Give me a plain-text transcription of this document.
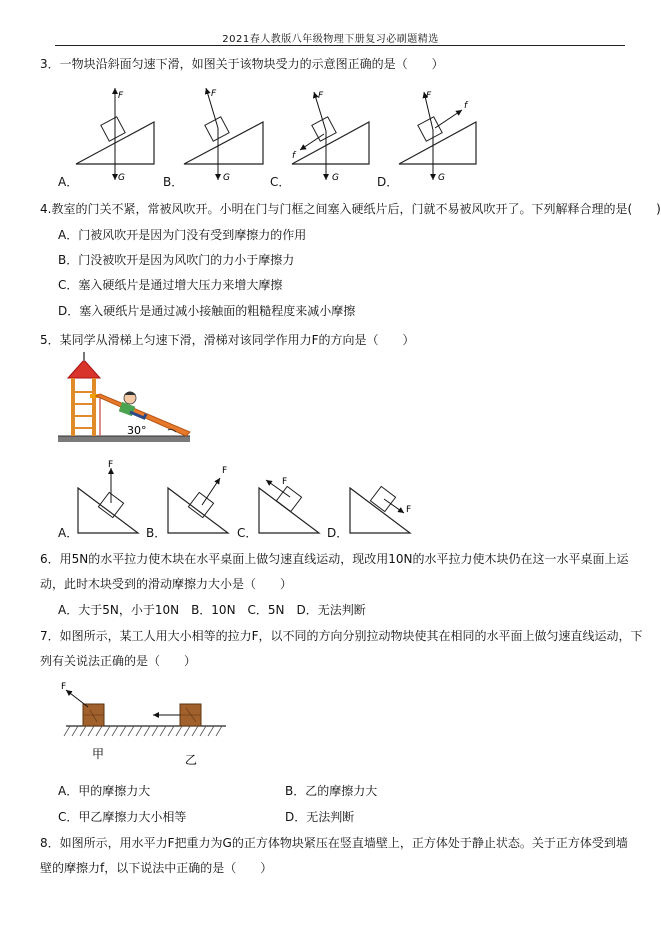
2021春人教版八年级物理下册复习必刷题精选
3．一物块沿斜面匀速下滑，如图关于该物块受力的示意图正确的是（　　）
F
G
F
G
F
G
f
F
G
f
A．	B．	C．	D．
4.教室的门关不紧，常被风吹开。小明在门与门框之间塞入硬纸片后，门就不易被风吹开了。下列解释合理的是(　　)
A．门被风吹开是因为门没有受到摩擦力的作用
B．门没被吹开是因为风吹门的力小于摩擦力
C．塞入硬纸片是通过增大压力来增大摩擦
D．塞入硬纸片是通过减小接触面的粗糙程度来减小摩擦
5．某同学从滑梯上匀速下滑，滑梯对该同学作用力F的方向是（　　）
30°
F
F
F
F
A．	B．	C．	D．
6．用5N的水平拉力使木块在水平桌面上做匀速直线运动，现改用10N的水平拉力使木块仍在这一水平桌面上运
动，此时木块受到的滑动摩擦力大小是（　　）
A．大于5N，小于10N　B．10N　C．5N　D．无法判断
7．如图所示，某工人用大小相等的拉力F，以不同的方向分别拉动物块使其在相同的水平面上做匀速直线运动，下
列有关说法正确的是（　　）
F
甲	乙
A．甲的摩擦力大	B．乙的摩擦力大
C．甲乙摩擦力大小相等	D．无法判断
8．如图所示，用水平力F把重力为G的正方体物块紧压在竖直墙壁上，正方体处于静止状态。关于正方体受到墙
壁的摩擦力f，以下说法中正确的是（　　）
